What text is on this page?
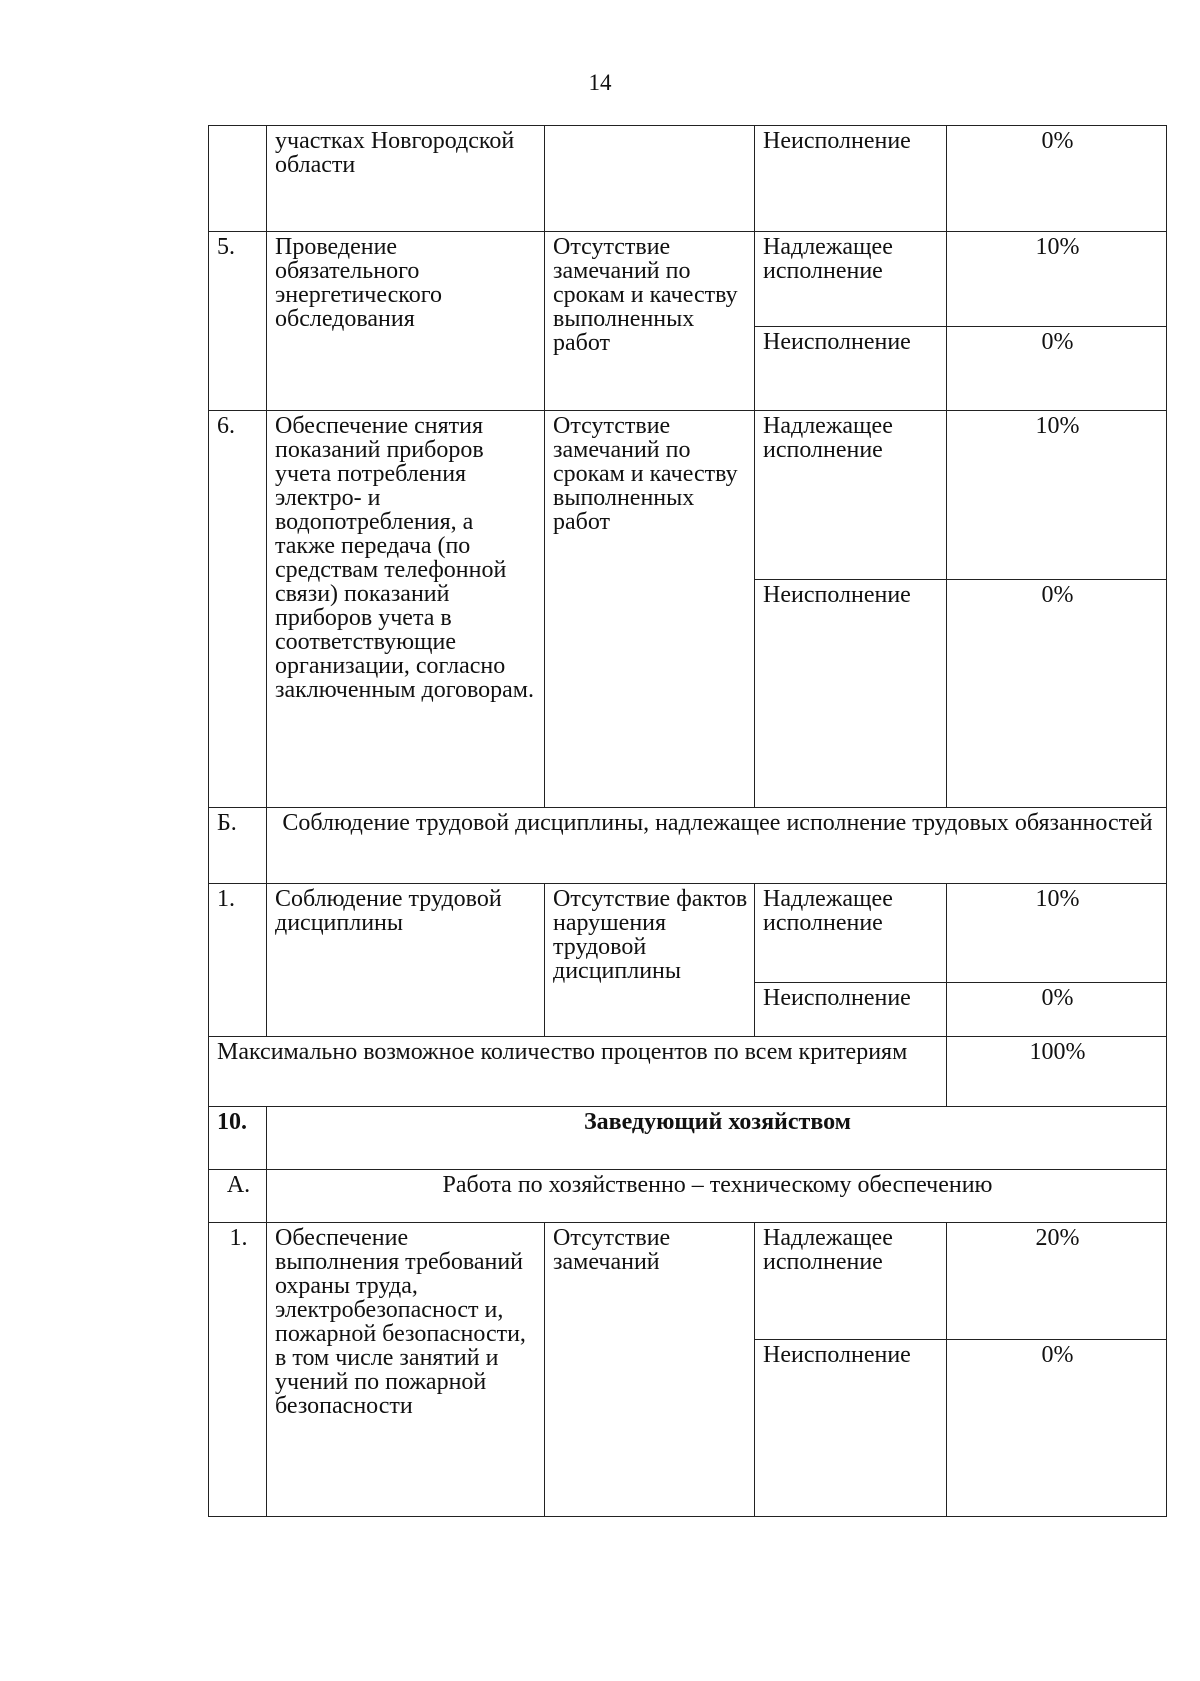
14
	участках Новгородской области		Неисполнение	0%
5.	Проведение обязательного энергетического обследования	Отсутствие замечаний по срокам и качеству выполненных работ	Надлежащее исполнение	10%
			Неисполнение	0%
6.	Обеспечение снятия показаний приборов учета потребления электро- и водопотребления, а также передача (по средствам телефонной связи) показаний приборов учета в соответствующие организации, согласно заключенным договорам.	Отсутствие замечаний по срокам и качеству выполненных работ	Надлежащее исполнение	10%
			Неисполнение	0%
Б.	Соблюдение трудовой дисциплины, надлежащее исполнение трудовых обязанностей			
1.	Соблюдение трудовой дисциплины	Отсутствие фактов нарушения трудовой дисциплины	Надлежащее исполнение	10%
			Неисполнение	0%
Максимально возможное количество процентов по всем критериям				100%
10.	Заведующий хозяйством			
А.	Работа по хозяйственно – техническому обеспечению			
1.	Обеспечение выполнения требований охраны труда, электробезопасност и, пожарной безопасности, в том числе занятий и учений по пожарной безопасности	Отсутствие замечаний	Надлежащее исполнение	20%
			Неисполнение	0%
